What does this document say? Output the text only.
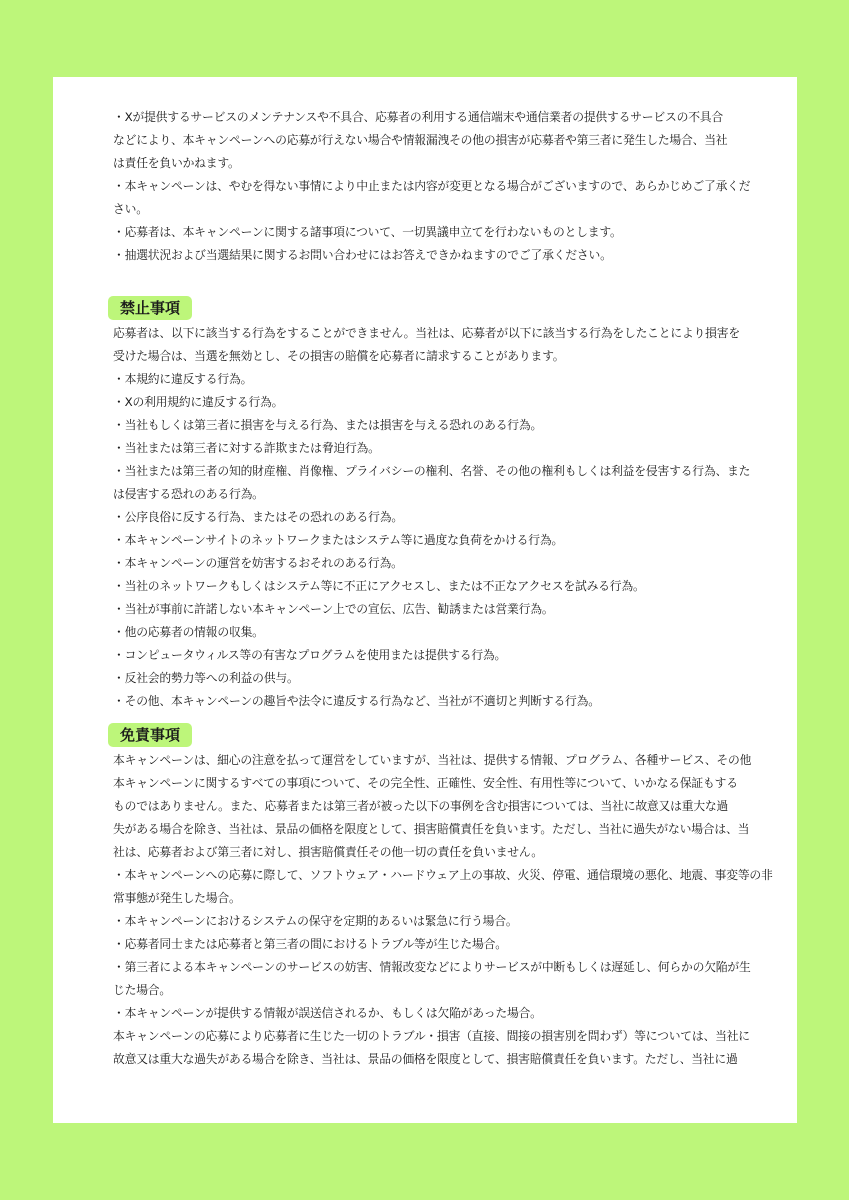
・Xが提供するサービスのメンテナンスや不具合、応募者の利用する通信端末や通信業者の提供するサービスの不具合

などにより、本キャンペーンへの応募が行えない場合や情報漏洩その他の損害が応募者や第三者に発生した場合、当社

は責任を負いかねます。

・本キャンペーンは、やむを得ない事情により中止または内容が変更となる場合がございますので、あらかじめご了承くだ

さい。

・応募者は、本キャンペーンに関する諸事項について、一切異議申立てを行わないものとします。

・抽選状況および当選結果に関するお問い合わせにはお答えできかねますのでご了承ください。

禁止事項

応募者は、以下に該当する行為をすることができません。当社は、応募者が以下に該当する行為をしたことにより損害を

受けた場合は、当選を無効とし、その損害の賠償を応募者に請求することがあります。

・本規約に違反する行為。

・Xの利用規約に違反する行為。

・当社もしくは第三者に損害を与える行為、または損害を与える恐れのある行為。

・当社または第三者に対する詐欺または脅迫行為。

・当社または第三者の知的財産権、肖像権、プライバシーの権利、名誉、その他の権利もしくは利益を侵害する行為、また

は侵害する恐れのある行為。

・公序良俗に反する行為、またはその恐れのある行為。

・本キャンペーンサイトのネットワークまたはシステム等に過度な負荷をかける行為。

・本キャンペーンの運営を妨害するおそれのある行為。

・当社のネットワークもしくはシステム等に不正にアクセスし、または不正なアクセスを試みる行為。

・当社が事前に許諾しない本キャンペーン上での宣伝、広告、勧誘または営業行為。

・他の応募者の情報の収集。

・コンピュータウィルス等の有害なプログラムを使用または提供する行為。

・反社会的勢力等への利益の供与。

・その他、本キャンペーンの趣旨や法令に違反する行為など、当社が不適切と判断する行為。

免責事項

本キャンペーンは、細心の注意を払って運営をしていますが、当社は、提供する情報、プログラム、各種サービス、その他

本キャンペーンに関するすべての事項について、その完全性、正確性、安全性、有用性等について、いかなる保証もする

ものではありません。また、応募者または第三者が被った以下の事例を含む損害については、当社に故意又は重大な過

失がある場合を除き、当社は、景品の価格を限度として、損害賠償責任を負います。ただし、当社に過失がない場合は、当

社は、応募者および第三者に対し、損害賠償責任その他一切の責任を負いません。

・本キャンペーンへの応募に際して、ソフトウェア・ハードウェア上の事故、火災、停電、通信環境の悪化、地震、事変等の非

常事態が発生した場合。

・本キャンペーンにおけるシステムの保守を定期的あるいは緊急に行う場合。

・応募者同士または応募者と第三者の間におけるトラブル等が生じた場合。

・第三者による本キャンペーンのサービスの妨害、情報改変などによりサービスが中断もしくは遅延し、何らかの欠陥が生

じた場合。

・本キャンペーンが提供する情報が誤送信されるか、もしくは欠陥があった場合。

本キャンペーンの応募により応募者に生じた一切のトラブル・損害（直接、間接の損害別を問わず）等については、当社に

故意又は重大な過失がある場合を除き、当社は、景品の価格を限度として、損害賠償責任を負います。ただし、当社に過
